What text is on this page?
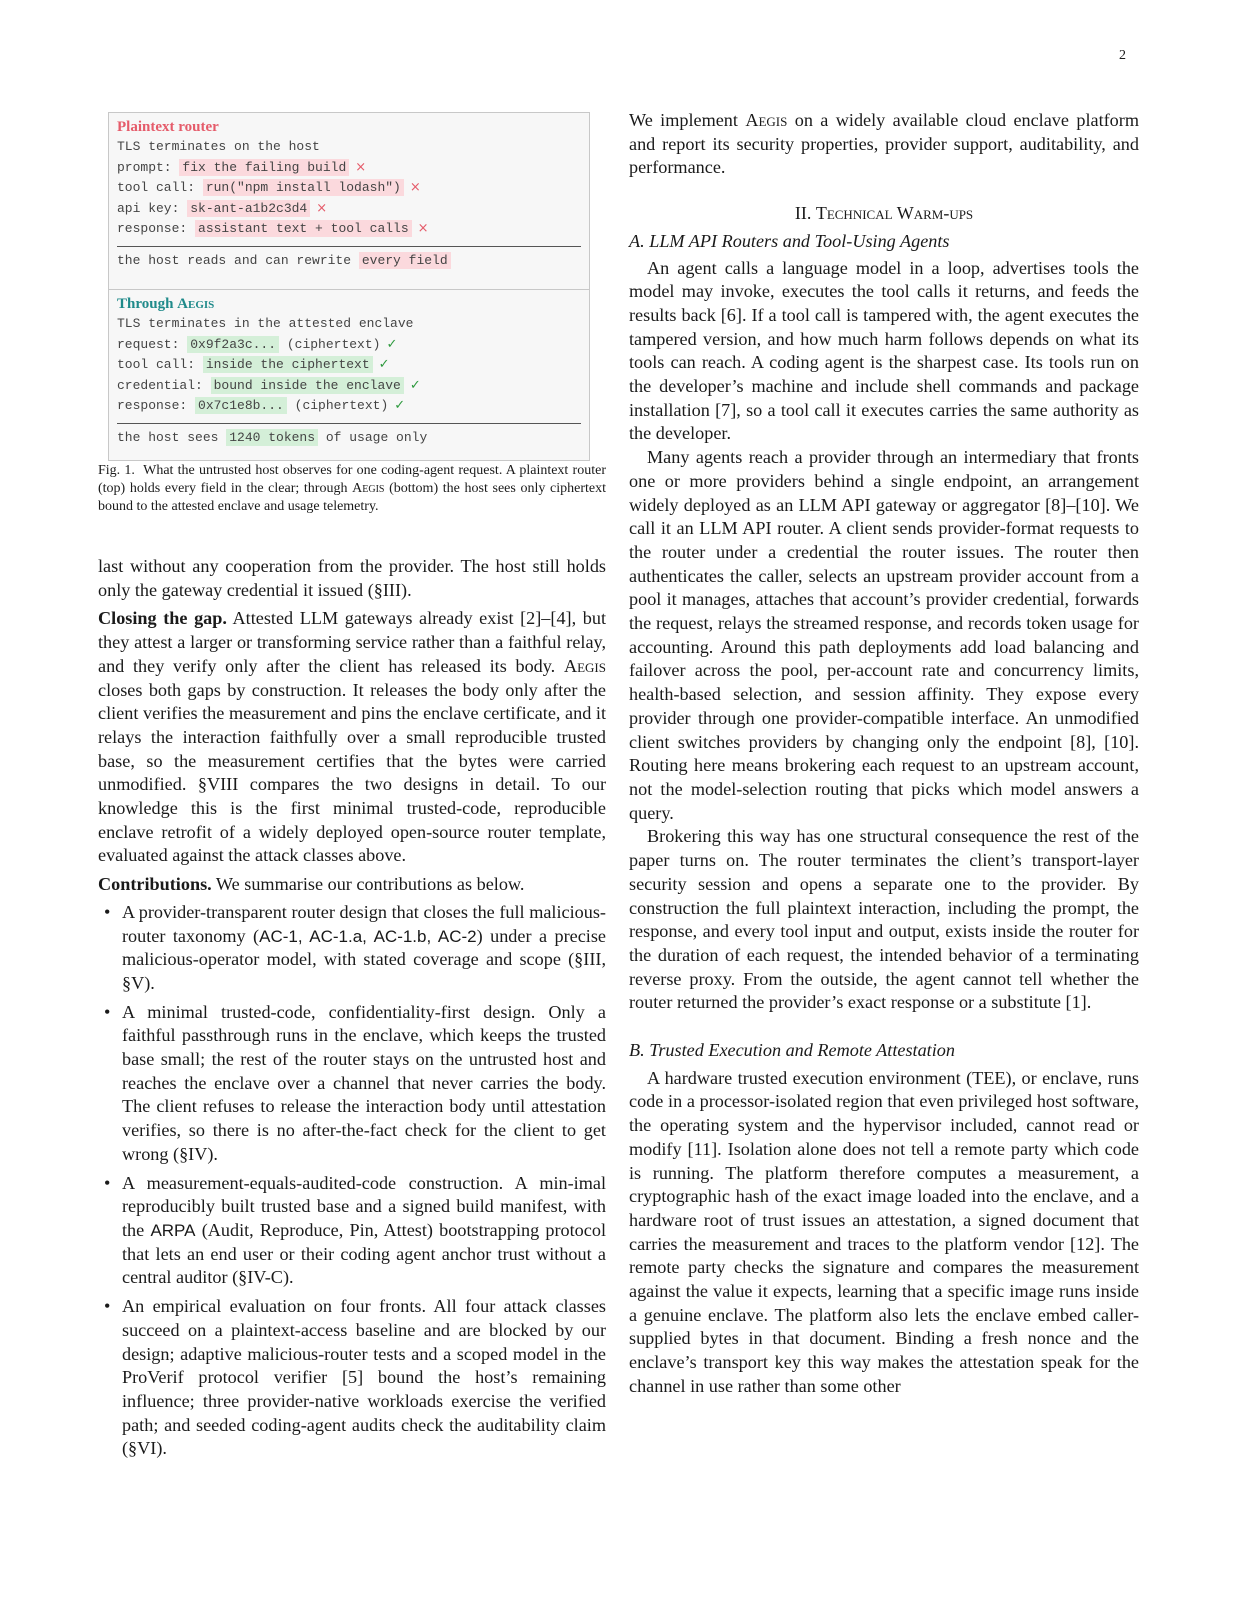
2
Plaintext router
TLS terminates on the host
prompt: fix the failing build ×
tool call: run("npm install lodash") ×
api key: sk-ant-a1b2c3d4 ×
response: assistant text + tool calls ×
the host reads and can rewrite every field
Through Aegis
TLS terminates in the attested enclave
request: 0x9f2a3c... (ciphertext) ✓
tool call: inside the ciphertext ✓
credential: bound inside the enclave ✓
response: 0x7c1e8b... (ciphertext) ✓
the host sees 1240 tokens of usage only
Fig. 1. What the untrusted host observes for one coding-agent request. A plaintext router (top) holds every field in the clear; through Aegis (bottom) the host sees only ciphertext bound to the attested enclave and usage telemetry.

last without any cooperation from the provider. The host still holds only the gateway credential it issued (§III).

Closing the gap. Attested LLM gateways already exist [2]–[4], but they attest a larger or transforming service rather than a faithful relay, and they verify only after the client has released its body. Aegis closes both gaps by construction. It releases the body only after the client verifies the measurement and pins the enclave certificate, and it relays the interaction faithfully over a small reproducible trusted base, so the measurement certifies that the bytes were carried unmodified. §VIII compares the two designs in detail. To our knowledge this is the first minimal trusted-code, reproducible enclave retrofit of a widely deployed open-source router template, evaluated against the attack classes above.

Contributions. We summarise our contributions as below.

• A provider-transparent router design that closes the full malicious-router taxonomy (AC-1, AC-1.a, AC-1.b, AC-2) under a precise malicious-operator model, with stated coverage and scope (§III, §V).
• A minimal trusted-code, confidentiality-first design. Only a faithful passthrough runs in the enclave, which keeps the trusted base small; the rest of the router stays on the untrusted host and reaches the enclave over a channel that never carries the body. The client refuses to release the interaction body until attestation verifies, so there is no after-the-fact check for the client to get wrong (§IV).
• A measurement-equals-audited-code construction. A min-imal reproducibly built trusted base and a signed build manifest, with the ARPA (Audit, Reproduce, Pin, Attest) bootstrapping protocol that lets an end user or their coding agent anchor trust without a central auditor (§IV-C).
• An empirical evaluation on four fronts. All four attack classes succeed on a plaintext-access baseline and are blocked by our design; adaptive malicious-router tests and a scoped model in the ProVerif protocol verifier [5] bound the host’s remaining influence; three provider-native workloads exercise the verified path; and seeded coding-agent audits check the auditability claim (§VI).

We implement Aegis on a widely available cloud enclave platform and report its security properties, provider support, auditability, and performance.

II. Technical Warm-ups
A. LLM API Routers and Tool-Using Agents

An agent calls a language model in a loop, advertises tools the model may invoke, executes the tool calls it returns, and feeds the results back [6]. If a tool call is tampered with, the agent executes the tampered version, and how much harm follows depends on what its tools can reach. A coding agent is the sharpest case. Its tools run on the developer’s machine and include shell commands and package installation [7], so a tool call it executes carries the same authority as the developer.

Many agents reach a provider through an intermediary that fronts one or more providers behind a single endpoint, an arrangement widely deployed as an LLM API gateway or aggregator [8]–[10]. We call it an LLM API router. A client sends provider-format requests to the router under a credential the router issues. The router then authenticates the caller, selects an upstream provider account from a pool it manages, attaches that account’s provider credential, forwards the request, relays the streamed response, and records token usage for accounting. Around this path deployments add load balancing and failover across the pool, per-account rate and concurrency limits, health-based selection, and session affinity. They expose every provider through one provider-compatible interface. An unmodified client switches providers by changing only the endpoint [8], [10]. Routing here means brokering each request to an upstream account, not the model-selection routing that picks which model answers a query.

Brokering this way has one structural consequence the rest of the paper turns on. The router terminates the client’s transport-layer security session and opens a separate one to the provider. By construction the full plaintext interaction, including the prompt, the response, and every tool input and output, exists inside the router for the duration of each request, the intended behavior of a terminating reverse proxy. From the outside, the agent cannot tell whether the router returned the provider’s exact response or a substitute [1].

B. Trusted Execution and Remote Attestation

A hardware trusted execution environment (TEE), or enclave, runs code in a processor-isolated region that even privileged host software, the operating system and the hypervisor included, cannot read or modify [11]. Isolation alone does not tell a remote party which code is running. The platform therefore computes a measurement, a cryptographic hash of the exact image loaded into the enclave, and a hardware root of trust issues an attestation, a signed document that carries the measurement and traces to the platform vendor [12]. The remote party checks the signature and compares the measurement against the value it expects, learning that a specific image runs inside a genuine enclave. The platform also lets the enclave embed caller-supplied bytes in that document. Binding a fresh nonce and the enclave’s transport key this way makes the attestation speak for the channel in use rather than some other
